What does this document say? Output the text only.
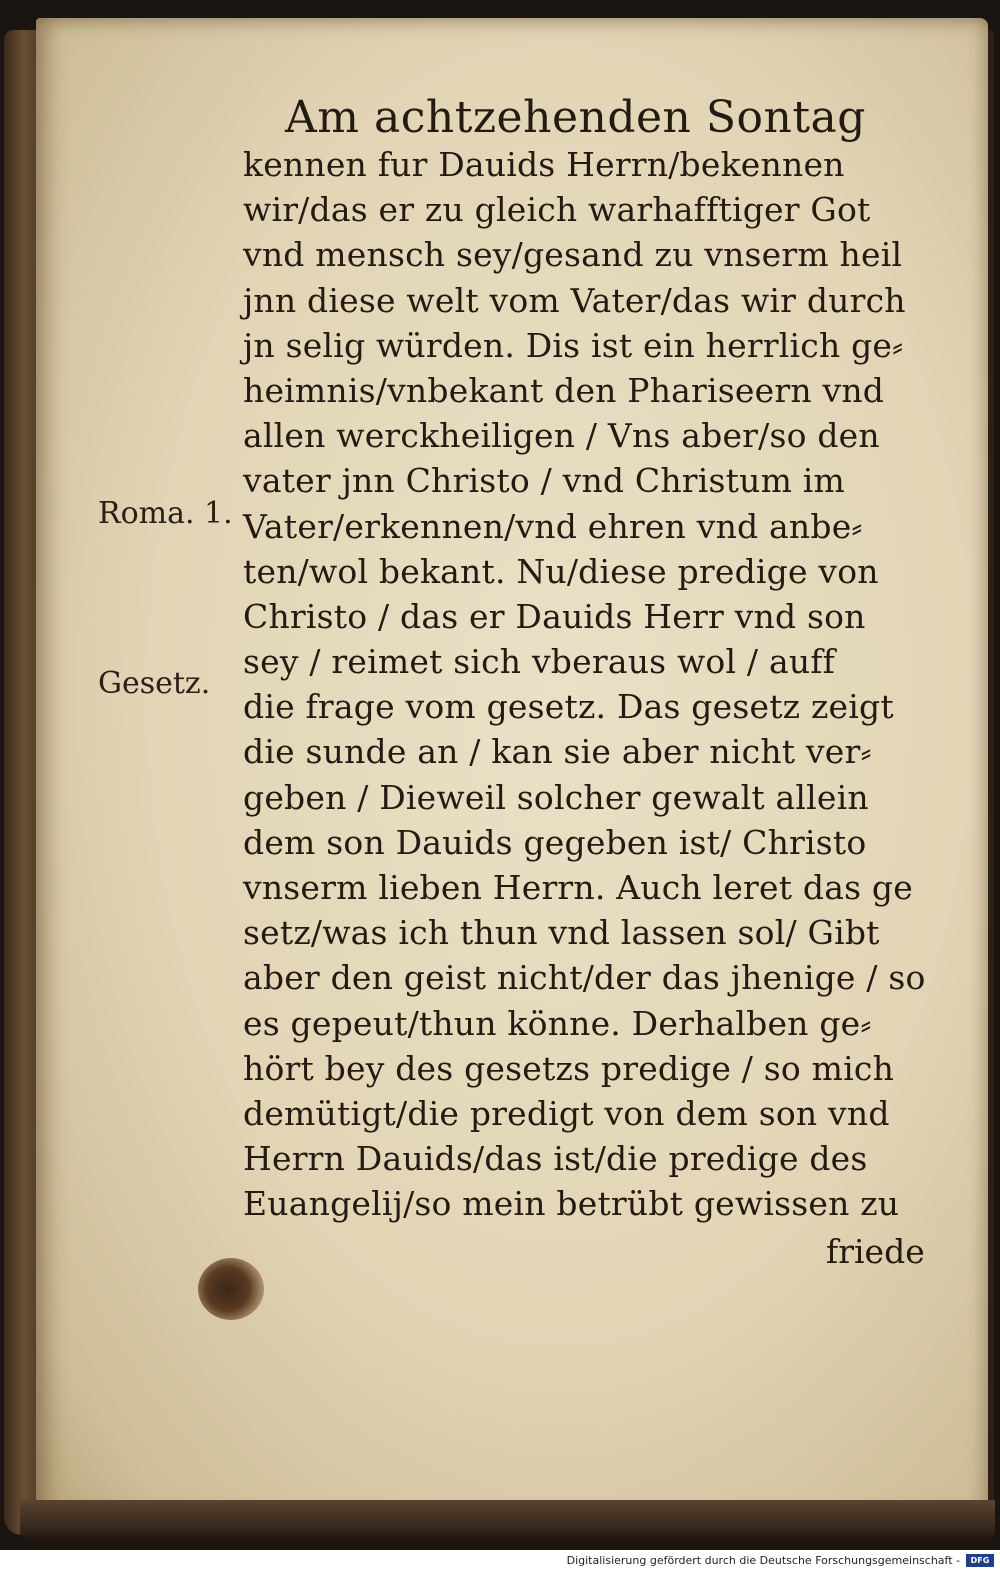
Am achtzehenden Sontag
kennen fur Dauids Herrn/bekennen
wir/das er zu gleich warhafftiger Got
vnd mensch sey/gesand zu vnserm heil
jnn diese welt vom Vater/das wir durch
jn selig würden. Dis ist ein herrlich ge⸗
heimnis/vnbekant den Phariseern vnd
allen werckheiligen / Vns aber/so den
vater jnn Christo / vnd Christum im
Vater/erkennen/vnd ehren vnd anbe⸗
ten/wol bekant. Nu/diese predige von
Christo / das er Dauids Herr vnd son
sey / reimet sich vberaus wol / auff
die frage vom gesetz. Das gesetz zeigt
die sunde an / kan sie aber nicht ver⸗
geben / Dieweil solcher gewalt allein
dem son Dauids gegeben ist/ Christo
vnserm lieben Herrn. Auch leret das ge
setz/was ich thun vnd lassen sol/ Gibt
aber den geist nicht/der das jhenige / so
es gepeut/thun könne. Derhalben ge⸗
hört bey des gesetzs predige / so mich
demütigt/die predigt von dem son vnd
Herrn Dauids/das ist/die predige des
Euangelij/so mein betrübt gewissen zu
Roma. 1.
Gesetz.
friede
Digitalisierung gefördert durch die Deutsche Forschungsgemeinschaft -	DFG
